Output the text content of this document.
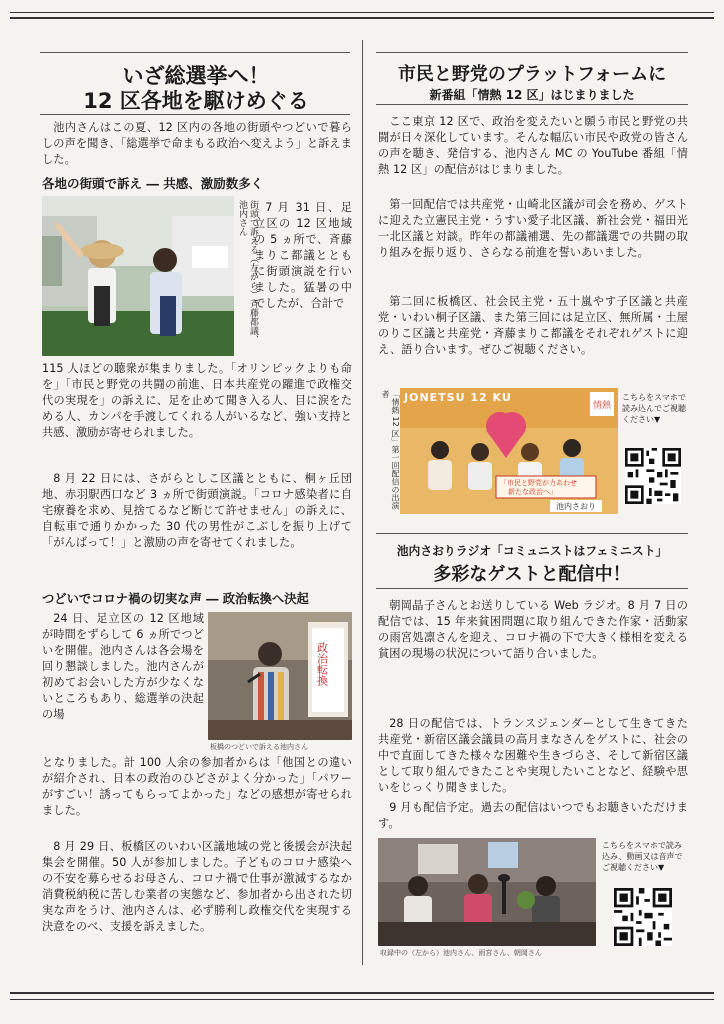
いざ総選挙へ！
12 区各地を駆けめぐる
池内さんはこの夏、12 区内の各地の街頭やつどいで暮らしの声を聞き、「総選挙で命まもる政治へ変えよう」と訴えました。
各地の街頭で訴え ― 共感、激励数多く
街頭で訴える（左から）斉藤都議、池内さん	7 月 31 日、足立区の 12 区地域の 5 ヵ所で、斉藤まりこ都議とともに街頭演説を行いました。猛暑の中でしたが、合計で
115 人ほどの聴衆が集まりました。「オリンピックよりも命を」「市民と野党の共闘の前進、日本共産党の躍進で政権交代の実現を」の訴えに、足を止めて聞き入る人、目に涙をためる人、カンパを手渡してくれる人がいるなど、強い支持と共感、激励が寄せられました。
8 月 22 日には、さがらとしこ区議とともに、桐ヶ丘団地、赤羽駅西口など 3 ヵ所で街頭演説。「コロナ感染者に自宅療養を求め、見捨てるなど断じて許せません」の訴えに、自転車で通りかかった 30 代の男性がこぶしを振り上げて「がんばって！」と激励の声を寄せてくれました。
つどいでコロナ禍の切実な声 ― 政治転換へ決起
24 日、足立区の 12 区地域が時間をずらして 6 ヵ所でつどいを開催。池内さんは各会場を回り懇談しました。池内さんが初めてお会いした方が少なくないところもあり、総選挙の決起の場
政治転換
板橋のつどいで訴える池内さん
となりました。計 100 人余の参加者からは「他国との違いが紹介され、日本の政治のひどさがよく分かった」「パワーがすごい！誘ってもらってよかった」などの感想が寄せられました。
8 月 29 日、板橋区のいわい区議地域の党と後援会が決起集会を開催。50 人が参加しました。子どものコロナ感染への不安を募らせるお母さん、コロナ禍で仕事が激減するなか消費税納税に苦しむ業者の実態など、参加者から出された切実な声をうけ、池内さんは、必ず勝利し政権交代を実現する決意をのべ、支援を訴えました。
市民と野党のプラットフォームに
新番組「情熱 12 区」はじまりました
ここ東京 12 区で、政治を変えたいと願う市民と野党の共闘が日々深化しています。そんな幅広い市民や政党の皆さんの声を聴き、発信する、池内さん MC の YouTube 番組「情熱 12 区」の配信がはじまりました。
第一回配信では共産党・山崎北区議が司会を務め、ゲストに迎えた立憲民主党・うすい愛子北区議、新社会党・福田光一北区議と対談。昨年の都議補選、先の都議選での共闘の取り組みを振り返り、さらなる前進を誓いあいました。
第二回に板橋区、社会民主党・五十嵐やす子区議と共産党・いわい桐子区議、また第三回には足立区、無所属・土屋のりこ区議と共産党・斉藤まりこ都議をそれぞれゲストに迎え、語り合います。ぜひご視聴ください。
「情熱 12 区」第一回配信の出演者
「市民と野党が力あわせ
新たな政治へ」
池内さおり
情熱
JONETSU 12 KU	こちらをスマホで読み込んでご視聴ください▼
池内さおりラジオ「コミュニストはフェミニスト」
多彩なゲストと配信中！
朝岡晶子さんとお送りしている Web ラジオ。8 月 7 日の配信では、15 年来貧困問題に取り組んできた作家・活動家の雨宮処凛さんを迎え、コロナ禍の下で大きく様相を変える貧困の現場の状況について語り合いました。
28 日の配信では、トランスジェンダーとして生きてきた共産党・新宿区議会議員の高月まなさんをゲストに、社会の中で直面してきた様々な困難や生きづらさ、そして新宿区議として取り組んできたことや実現したいことなど、経験や思いをじっくり聞きました。
9 月も配信予定。過去の配信はいつでもお聴きいただけます。
収録中の（左から）池内さん、雨宮さん、朝岡さん
こちらをスマホで読み込み、動画又は音声でご視聴ください▼
